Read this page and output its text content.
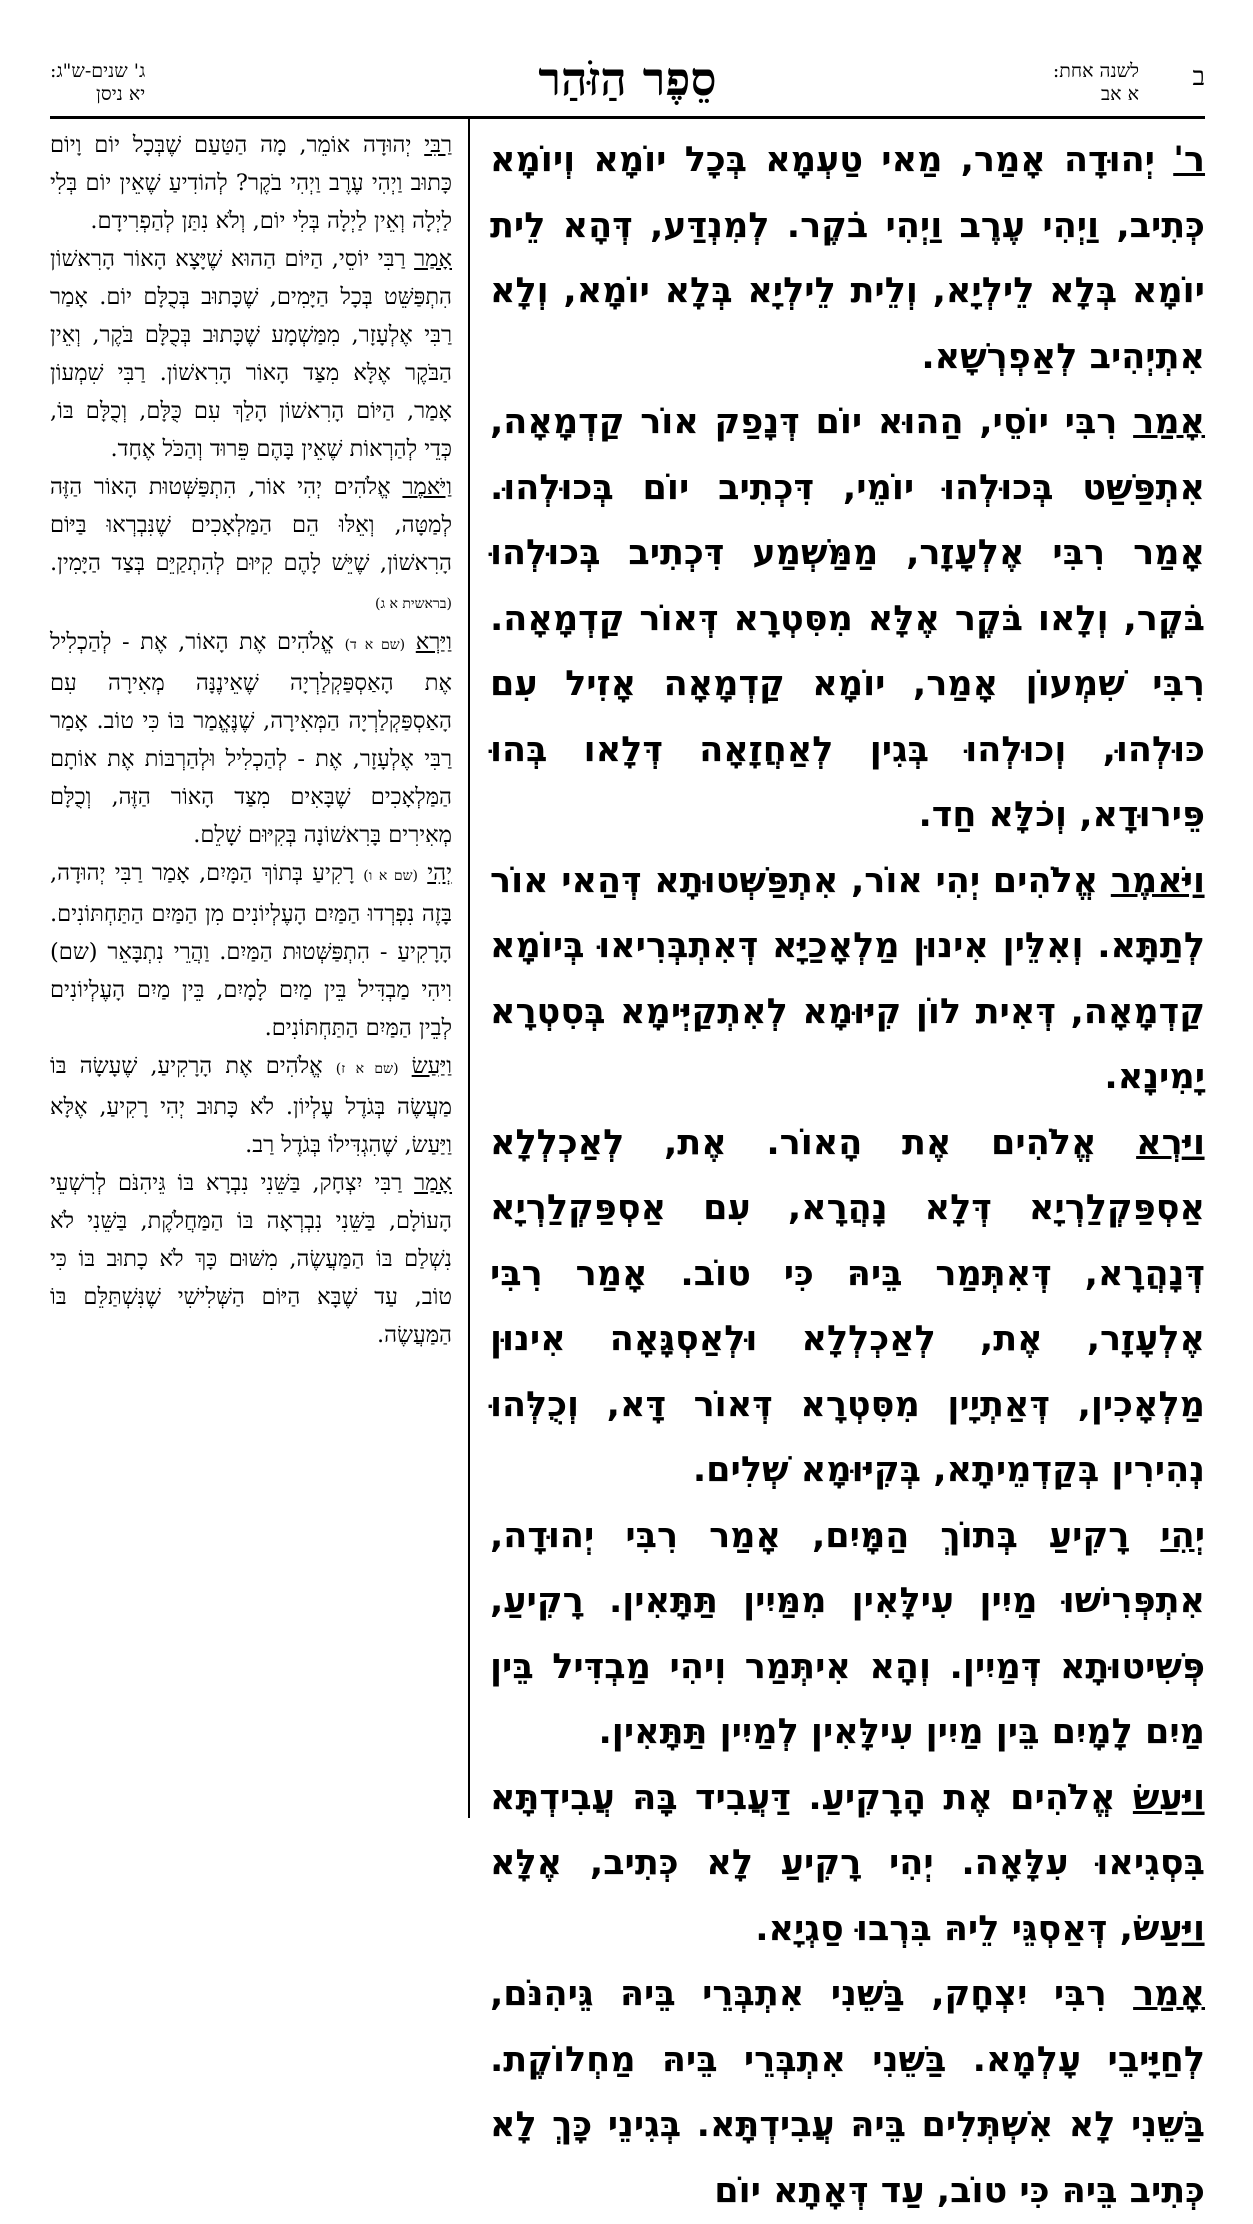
ב
לשנה אחת:
א אב
סֵפֶר הַזֹּהַר
ג' שנים-ש"ג:
יא ניסן

ר' יְהוּדָה אָמַר, מַאי טַעְמָא בְּכָל יוֹמָא וְיוֹמָא כְּתִיב, וַיְהִי עֶרֶב וַיְהִי בֹקֶר. לְמִנְדַּע, דְּהָא לֵית יוֹמָא בְּלָא לֵילְיָא, וְלֵית לֵילְיָא בְּלָא יוֹמָא, וְלָא אִתְיְהִיב לְאַפְרְשָׁא.

אָמַר רִבִּי יוֹסֵי, הַהוּא יוֹם דְּנָפַק אוֹר קַדְמָאָה, אִתְפַּשַּׁט בְּכוּלְהוּ יוֹמֵי, דִּכְתִיב יוֹם בְּכוּלְהוּ. אָמַר רִבִּי אֶלְעָזָר, מַמַּשְׁמַע דִּכְתִיב בְּכוּלְהוּ בֹּקֶר, וְלָאו בֹּקֶר אֶלָּא מִסִּטְרָא דְּאוֹר קַדְמָאָה. רִבִּי שִׁמְעוֹן אָמַר, יוֹמָא קַדְמָאָה אָזִיל עִם כּוּלְהוּ, וְכוּלְהוּ בְּגִין לְאַחֲזָאָה דְּלָאו בְּהוּ פֵּירוּדָא, וְכֹלָּא חַד.

וַיֹּאמֶר אֱלֹהִים יְהִי אוֹר, אִתְפַּשְּׁטוּתָא דְּהַאי אוֹר לְתַתָּא. וְאִלֵּין אִינוּן מַלְאָכַיָּא דְּאִתְבְּרִיאוּ בְּיוֹמָא קַדְמָאָה, דְּאִית לוֹן קִיּוּמָא לְאִתְקַיְּימָא בְּסִטְרָא יָמִינָא.

וַיַּרְא אֱלֹהִים אֶת הָאוֹר. אֶת, לְאַכְלְלָא אַסְפַּקְלַרְיָא דְּלָא נָהֲרָא, עִם אַסְפַּקְלַרְיָא דְּנָהֲרָא, דְּאִתְּמַר בֵּיהּ כִּי טוֹב. אָמַר רִבִּי אֶלְעָזָר, אֶת, לְאַכְלְלָא וּלְאַסְגָּאָה אִינוּן מַלְאָכִין, דְּאַתְיָין מִסִּטְרָא דְּאוֹר דָּא, וְכֻלְּהוּ נְהִירִין בְּקַדְמֵיתָא, בְּקִיּוּמָא שְׁלִים.

יְהִי רָקִיעַ בְּתוֹךְ הַמָּיִם, אָמַר רִבִּי יְהוּדָה, אִתְפְּרִישׁוּ מַיִין עִילָּאִין מִמַּיִין תַּתָּאִין. רָקִיעַ, פְּשִׁיטוּתָא דְּמַיִין. וְהָא אִיתְּמַר וִיהִי מַבְדִּיל בֵּין מַיִם לָמָיִם בֵּין מַיִין עִילָּאִין לְמַיִין תַּתָּאִין.

וַיַּעַשׂ אֱלֹהִים אֶת הָרָקִיעַ. דַּעֲבִיד בָּהּ עֲבִידְתָּא בִּסְגִיאוּ עִלָּאָה. יְהִי רָקִיעַ לָא כְּתִיב, אֶלָּא וַיַּעַשׂ, דְּאַסְגֵּי לֵיהּ בִּרְבוּ סַגְיָא.

אָמַר רִבִּי יִצְחָק, בַּשֵּׁנִי אִתְבְּרֵי בֵּיהּ גֵּיהִנֹּם, לְחַיָּיבֵי עָלְמָא. בַּשֵּׁנִי אִתְבְּרֵי בֵּיהּ מַחְלוֹקֶת. בַּשֵּׁנִי לָא אִשְׁתְּלִים בֵּיהּ עֲבִידְתָּא. בְּגִינֵי כָּךְ לָא כְּתִיב בֵּיהּ כִּי טוֹב, עַד דְּאָתָא יוֹם

רַבִּי יְהוּדָה אוֹמֵר, מָה הַטַּעַם שֶׁבְּכָל יוֹם וָיוֹם כָּתוּב וַיְהִי עֶרֶב וַיְהִי בֹקֶר? לְהוֹדִיעַ שֶׁאֵין יוֹם בְּלִי לַיְלָה וְאֵין לַיְלָה בְּלִי יוֹם, וְלֹא נִתַּן לְהַפְרִידָם.

אָמַר רַבִּי יוֹסֵי, הַיּוֹם הַהוּא שֶׁיָּצָא הָאוֹר הָרִאשׁוֹן הִתְפַּשֵּׁט בְּכָל הַיָּמִים, שֶׁכָּתוּב בְּכֻלָּם יוֹם. אָמַר רַבִּי אֶלְעָזָר, מִמַּשְׁמָע שֶׁכָּתוּב בְּכֻלָּם בֹּקֶר, וְאֵין הַבֹּקֶר אֶלָּא מִצַּד הָאוֹר הָרִאשׁוֹן. רַבִּי שִׁמְעוֹן אָמַר, הַיּוֹם הָרִאשׁוֹן הָלַךְ עִם כֻּלָּם, וְכֻלָּם בּוֹ, כְּדֵי לְהַרְאוֹת שֶׁאֵין בָּהֶם פֵּרוּד וְהַכֹּל אֶחָד.

וַיֹּאמֶר אֱלֹהִים יְהִי אוֹר, הִתְפַּשְּׁטוּת הָאוֹר הַזֶּה לְמַטָּה, וְאֵלּוּ הֵם הַמַּלְאָכִים שֶׁנִּבְרְאוּ בַּיּוֹם הָרִאשׁוֹן, שֶׁיֵּשׁ לָהֶם קִיּוּם לְהִתְקַיֵּם בְּצַד הַיָּמִין. (בראשית א ג)

וַיַּרְא (שם א ד) אֱלֹהִים אֶת הָאוֹר, אֶת - לְהַכְלִיל אֶת הָאַסְפַּקְלַרְיָה שֶׁאֵינֶנָּה מְאִירָה עִם הָאַסְפַּקְלַרְיָה הַמְּאִירָה, שֶׁנֶּאֱמַר בּוֹ כִּי טוֹב. אָמַר רַבִּי אֶלְעָזָר, אֶת - לְהַכְלִיל וּלְהַרְבּוֹת אֶת אוֹתָם הַמַּלְאָכִים שֶׁבָּאִים מִצַּד הָאוֹר הַזֶּה, וְכֻלָּם מְאִירִים בָּרִאשׁוֹנָה בְּקִיּוּם שָׁלֵם.

יְהִי (שם א ו) רָקִיעַ בְּתוֹךְ הַמָּיִם, אָמַר רַבִּי יְהוּדָה, בָּזֶה נִפְרְדוּ הַמַּיִם הָעֶלְיוֹנִים מִן הַמַּיִם הַתַּחְתּוֹנִים. הָרָקִיעַ - הִתְפַּשְּׁטוּת הַמַּיִם. וַהֲרֵי נִתְבָּאֵר (שם) וִיהִי מַבְדִּיל בֵּין מַיִם לָמָיִם, בֵּין מַיִם הָעֶלְיוֹנִים לְבֵין הַמַּיִם הַתַּחְתּוֹנִים.

וַיַּעַשׂ (שם א ז) אֱלֹהִים אֶת הָרָקִיעַ, שֶׁעָשָׂה בּוֹ מַעֲשֶׂה בְּגֹדֶל עֶלְיוֹן. לֹא כָּתוּב יְהִי רָקִיעַ, אֶלָּא וַיַּעַשׂ, שֶׁהִגְדִּילוֹ בְּגֹדֶל רַב.

אָמַר רַבִּי יִצְחָק, בַּשֵּׁנִי נִבְרָא בּוֹ גֵּיהִנֹּם לְרִשְׁעֵי הָעוֹלָם, בַּשֵּׁנִי נִבְרְאָה בּוֹ הַמַּחֲלֹקֶת, בַּשֵּׁנִי לֹא נִשְׁלַם בּוֹ הַמַּעֲשֶׂה, מִשּׁוּם כָּךְ לֹא כָתוּב בּוֹ כִּי טוֹב, עַד שֶׁבָּא הַיּוֹם הַשְּׁלִישִׁי שֶׁנִּשְׁתַּלֵּם בּוֹ הַמַּעֲשֶׂה.
